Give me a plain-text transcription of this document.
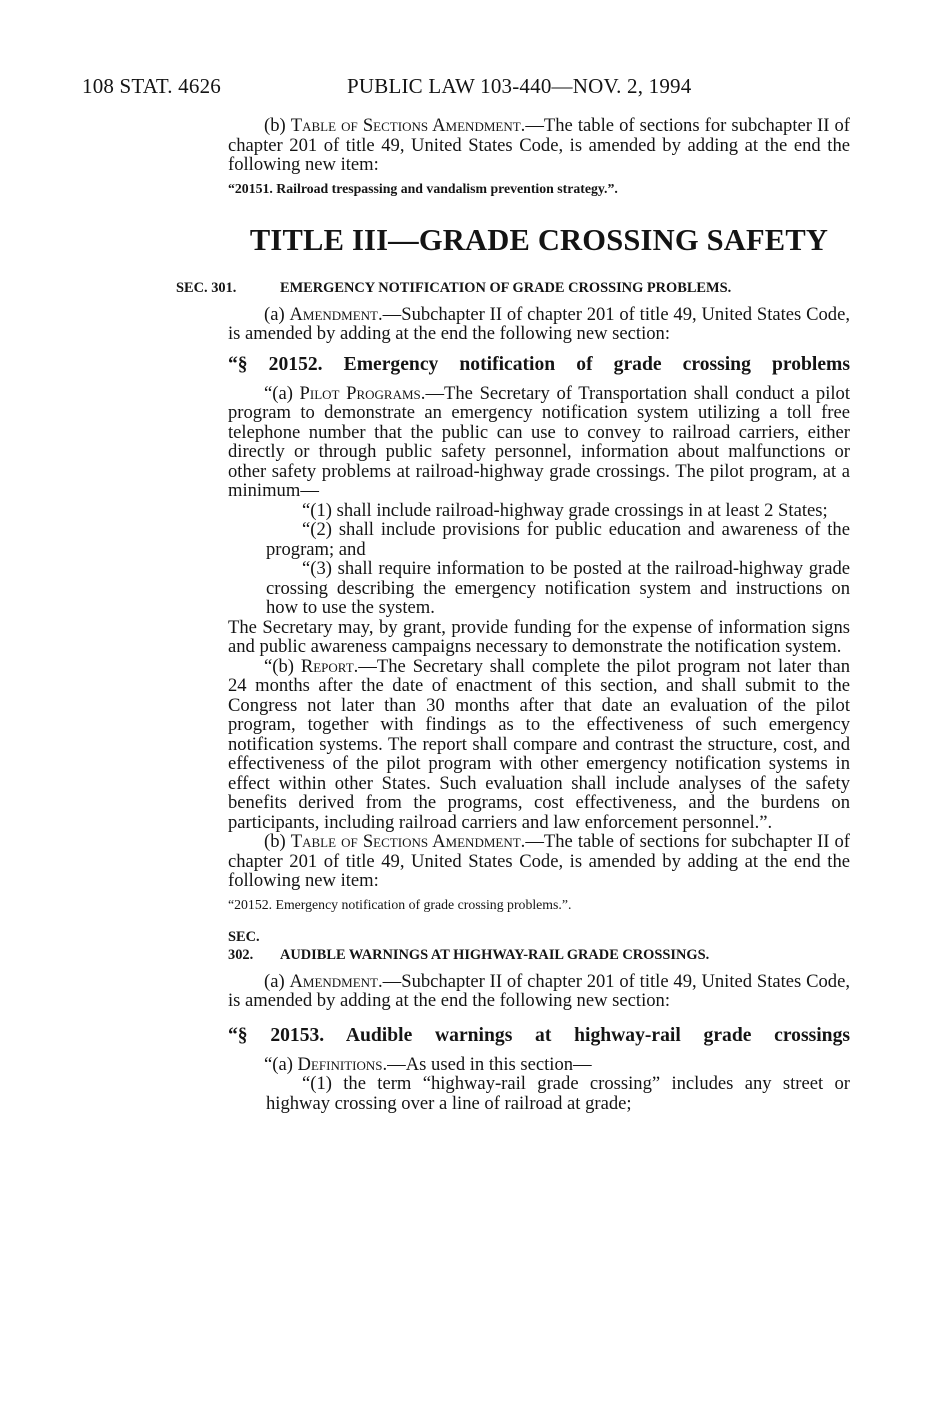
108 STAT. 4626	PUBLIC LAW 103-440—NOV. 2, 1994

(b) Table of Sections Amendment.—The table of sections for subchapter II of chapter 201 of title 49, United States Code, is amended by adding at the end the following new item:

“20151. Railroad trespassing and vandalism prevention strategy.”.

TITLE III—GRADE CROSSING SAFETY

SEC. 301.	EMERGENCY NOTIFICATION OF GRADE CROSSING PROBLEMS.

(a) Amendment.—Subchapter II of chapter 201 of title 49, United States Code, is amended by adding at the end the following new section:

“§ 20152. Emergency notification of grade crossing problems

“(a) Pilot Programs.—The Secretary of Transportation shall conduct a pilot program to demonstrate an emergency notification system utilizing a toll free telephone number that the public can use to convey to railroad carriers, either directly or through public safety personnel, information about malfunctions or other safety problems at railroad-highway grade crossings. The pilot program, at a minimum—

“(1) shall include railroad-highway grade crossings in at least 2 States;

“(2) shall include provisions for public education and awareness of the program; and

“(3) shall require information to be posted at the railroad-highway grade crossing describing the emergency notification system and instructions on how to use the system.

The Secretary may, by grant, provide funding for the expense of information signs and public awareness campaigns necessary to demonstrate the notification system.

“(b) Report.—The Secretary shall complete the pilot program not later than 24 months after the date of enactment of this section, and shall submit to the Congress not later than 30 months after that date an evaluation of the pilot program, together with findings as to the effectiveness of such emergency notification systems. The report shall compare and contrast the structure, cost, and effectiveness of the pilot program with other emergency notification systems in effect within other States. Such evaluation shall include analyses of the safety benefits derived from the programs, cost effectiveness, and the burdens on participants, including railroad carriers and law enforcement personnel.”.

(b) Table of Sections Amendment.—The table of sections for subchapter II of chapter 201 of title 49, United States Code, is amended by adding at the end the following new item:

“20152. Emergency notification of grade crossing problems.”.

SEC. 302. AUDIBLE WARNINGS AT HIGHWAY-RAIL GRADE CROSSINGS.

(a) Amendment.—Subchapter II of chapter 201 of title 49, United States Code, is amended by adding at the end the following new section:

“§ 20153. Audible warnings at highway-rail grade crossings

“(a) Definitions.—As used in this section—

“(1) the term “highway-rail grade crossing” includes any street or highway crossing over a line of railroad at grade;
